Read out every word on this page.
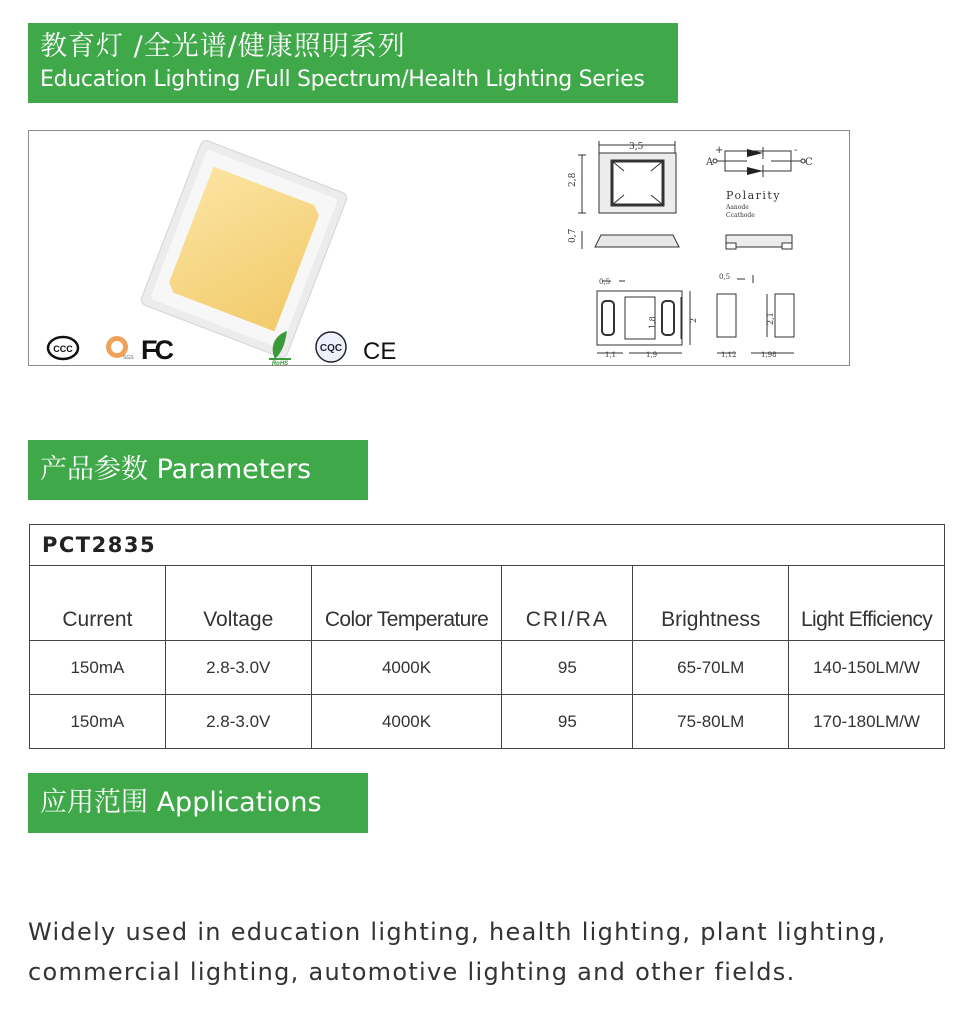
教育灯 /全光谱/健康照明系列
Education Lighting /Full Spectrum/Health Lighting Series
3,5
2,8
0,7
A
+	-
C
Polarity
Aanode
Ccathode
0,5
1,8	2
1,1	1,9
0,5
2,1
1,12	1,98
CCC
SGS FC	RoHS
CQC CE
产品参数 Parameters
PCT2835					
Current	Voltage	Color Temperature	CRI/RA	Brightness	Light Efficiency
150mA	2.8-3.0V	4000K	95	65-70LM	140-150LM/W
150mA	2.8-3.0V	4000K	95	75-80LM	170-180LM/W
应用范围 Applications
Widely used in education lighting, health lighting, plant lighting,
commercial lighting, automotive lighting and other fields.
